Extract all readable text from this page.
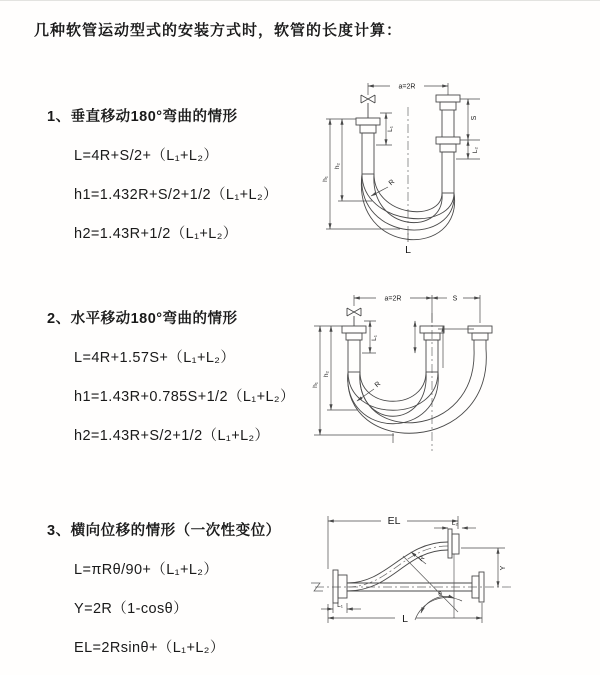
几种软管运动型式的安装方式时，软管的长度计算：
1、垂直移动180°弯曲的情形
L=4R+S/2+（L₁+L₂）
h1=1.432R+S/2+1/2（L₁+L₂）
h2=1.43R+1/2（L₁+L₂）
2、水平移动180°弯曲的情形
L=4R+1.57S+（L₁+L₂）
h1=1.43R+0.785S+1/2（L₁+L₂）
h2=1.43R+S/2+1/2（L₁+L₂）
3、横向位移的情形（一次性变位）
L=πRθ/90+（L₁+L₂）
Y=2R（1-cosθ）
EL=2Rsinθ+（L₁+L₂）
a=2R
S
L₂
h₁
h₂
L₁
R
L
a=2R	S
h₁
h₂
L₁
R
θ
R
EL	L₂
Y
L
L₁
